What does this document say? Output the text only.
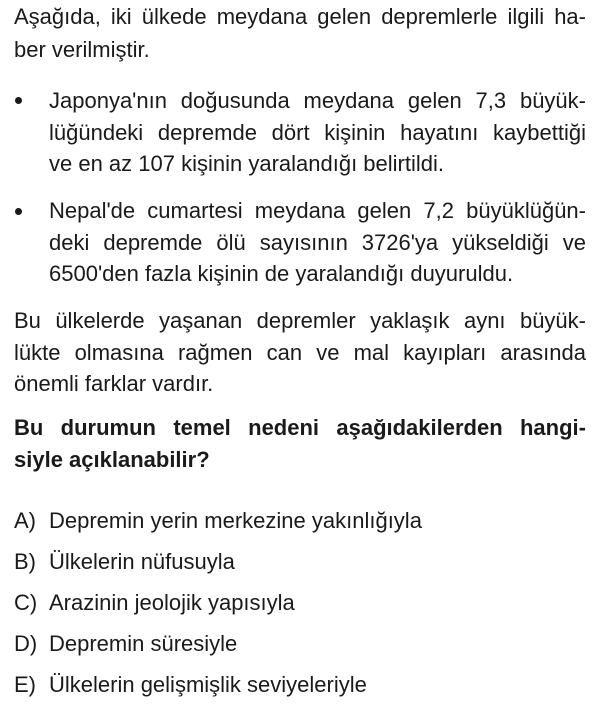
Aşağıda, iki ülkede meydana gelen depremlerle ilgili ha-
ber verilmiştir.
Japonya'nın doğusunda meydana gelen 7,3 büyük-
lüğündeki depremde dört kişinin hayatını kaybettiği
ve en az 107 kişinin yaralandığı belirtildi.
Nepal'de cumartesi meydana gelen 7,2 büyüklüğün-
deki depremde ölü sayısının 3726'ya yükseldiği ve
6500'den fazla kişinin de yaralandığı duyuruldu.
Bu ülkelerde yaşanan depremler yaklaşık aynı büyük-
lükte olmasına rağmen can ve mal kayıpları arasında
önemli farklar vardır.
Bu durumun temel nedeni aşağıdakilerden hangi-
siyle açıklanabilir?
A) Depremin yerin merkezine yakınlığıyla
B) Ülkelerin nüfusuyla
C) Arazinin jeolojik yapısıyla
D) Depremin süresiyle
E) Ülkelerin gelişmişlik seviyeleriyle
